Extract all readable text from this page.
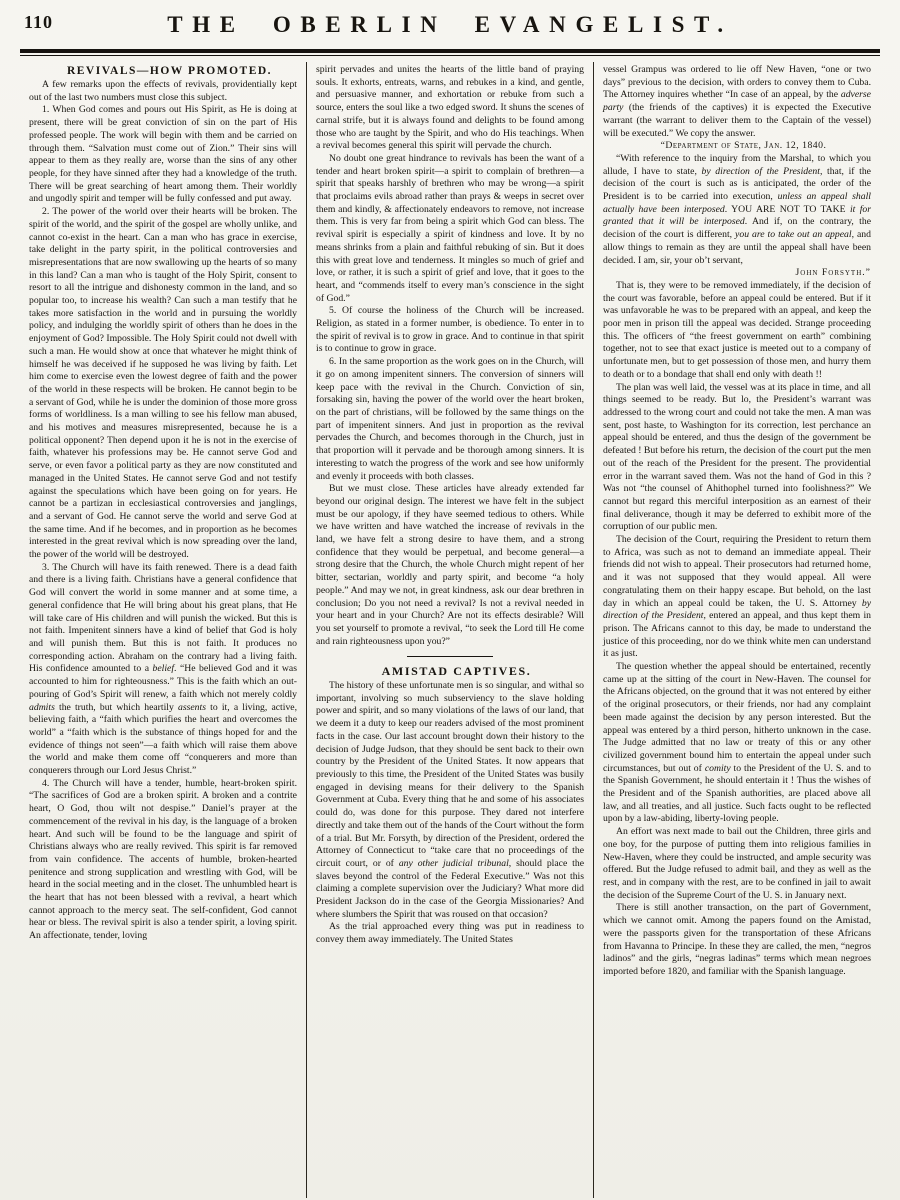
110	THE OBERLIN EVANGELIST.

REVIVALS—HOW PROMOTED.

A few remarks upon the effects of revivals, providentially kept out of the last two numbers must close this subject.

1. When God comes and pours out His Spirit, as He is doing at present, there will be great conviction of sin on the part of His professed people. The work will begin with them and be carried on through them. “Salvation must come out of Zion.” Their sins will appear to them as they really are, worse than the sins of any other people, for they have sinned after they had a knowledge of the truth. There will be great searching of heart among them. Their worldly and ungodly spirit and temper will be fully confessed and put away.

2. The power of the world over their hearts will be broken. The spirit of the world, and the spirit of the gospel are wholly unlike, and cannot co-exist in the heart. Can a man who has grace in exercise, take delight in the party spirit, in the political controversies and misrepresentations that are now swallowing up the hearts of so many in this land? Can a man who is taught of the Holy Spirit, consent to resort to all the intrigue and dishonesty common in the land, and so popular too, to increase his wealth? Can such a man testify that he takes more satisfaction in the world and in pursuing the worldly policy, and indulging the worldly spirit of others than he does in the enjoyment of God? Impossible. The Holy Spirit could not dwell with such a man. He would show at once that whatever he might think of himself he was deceived if he supposed he was living by faith. Let him come to exercise even the lowest degree of faith and the power of the world in these respects will be broken. He cannot begin to be a servant of God, while he is under the dominion of those more gross forms of worldliness. Is a man willing to see his fellow man abused, and his motives and measures misrepresented, because he is a political opponent? Then depend upon it he is not in the exercise of faith, whatever his professions may be. He cannot serve God and serve, or even favor a political party as they are now constituted and managed in the United States. He cannot serve God and not testify against the speculations which have been going on for years. He cannot be a partizan in ecclesiastical controversies and janglings, and a servant of God. He cannot serve the world and serve God at the same time. And if he becomes, and in proportion as he becomes interested in the great revival which is now spreading over the land, the power of the world will be destroyed.

3. The Church will have its faith renewed. There is a dead faith and there is a living faith. Christians have a general confidence that God will convert the world in some manner and at some time, a general confidence that He will bring about his great plans, that He will take care of His children and will punish the wicked. But this is not faith. Impenitent sinners have a kind of belief that God is holy and will punish them. But this is not faith. It produces no corresponding action. Abraham on the contrary had a living faith. His confidence amounted to a belief. “He believed God and it was accounted to him for righteousness.” This is the faith which an out-pouring of God’s Spirit will renew, a faith which not merely coldly admits the truth, but which heartily assents to it, a living, active, believing faith, a “faith which purifies the heart and overcomes the world” a “faith which is the substance of things hoped for and the evidence of things not seen”—a faith which will raise them above the world and make them come off “conquerers and more than conquerers through our Lord Jesus Christ.”

4. The Church will have a tender, humble, heart-broken spirit. “The sacrifices of God are a broken spirit. A broken and a contrite heart, O God, thou wilt not despise.” Daniel’s prayer at the commencement of the revival in his day, is the language of a broken heart. And such will be found to be the language and spirit of Christians always who are really revived. This spirit is far removed from vain confidence. The accents of humble, broken-hearted penitence and strong supplication and wrestling with God, will be heard in the social meeting and in the closet. The unhumbled heart is the heart that has not been blessed with a revival, a heart which cannot approach to the mercy seat. The self-confident, God cannot hear or bless. The revival spirit is also a tender spirit, a loving spirit. An affectionate, tender, loving

spirit pervades and unites the hearts of the little band of praying souls. It exhorts, entreats, warns, and rebukes in a kind, and gentle, and persuasive manner, and exhortation or rebuke from such a source, enters the soul like a two edged sword. It shuns the scenes of carnal strife, but it is always found and delights to be found among those who are taught by the Spirit, and who do His teachings. When a revival becomes general this spirit will pervade the church.

No doubt one great hindrance to revivals has been the want of a tender and heart broken spirit—a spirit to complain of brethren—a spirit that speaks harshly of brethren who may be wrong—a spirit that proclaims evils abroad rather than prays & weeps in secret over them and kindly, & affectionately endeavors to remove, not increase them. This is very far from being a spirit which God can bless. The revival spirit is especially a spirit of kindness and love. It by no means shrinks from a plain and faithful rebuking of sin. But it does this with great love and tenderness. It mingles so much of grief and love, or rather, it is such a spirit of grief and love, that it goes to the heart, and “commends itself to every man’s conscience in the sight of God.”

5. Of course the holiness of the Church will be increased. Religion, as stated in a former number, is obedience. To enter in to the spirit of revival is to grow in grace. And to continue in that spirit is to continue to grow in grace.

6. In the same proportion as the work goes on in the Church, will it go on among impenitent sinners. The conversion of sinners will keep pace with the revival in the Church. Conviction of sin, forsaking sin, having the power of the world over the heart broken, on the part of christians, will be followed by the same things on the part of impenitent sinners. And just in proportion as the revival pervades the Church, and becomes thorough in the Church, just in that proportion will it pervade and be thorough among sinners. It is interesting to watch the progress of the work and see how uniformly and evenly it proceeds with both classes.

But we must close. These articles have already extended far beyond our original design. The interest we have felt in the subject must be our apology, if they have seemed tedious to others. While we have written and have watched the increase of revivals in the land, we have felt a strong desire to have them, and a strong confidence that they would be perpetual, and become general—a strong desire that the Church, the whole Church might repent of her bitter, sectarian, worldly and party spirit, and become “a holy people.” And may we not, in great kindness, ask our dear brethren in conclusion; Do you not need a revival? Is not a revival needed in your heart and in your Church? Are not its effects desirable? Will you set yourself to promote a revival, “to seek the Lord till He come and rain righteousness upon you?”

AMISTAD CAPTIVES.

The history of these unfortunate men is so singular, and withal so important, involving so much subserviency to the slave holding power and spirit, and so many violations of the laws of our land, that we deem it a duty to keep our readers advised of the most prominent facts in the case. Our last account brought down their history to the decision of Judge Judson, that they should be sent back to their own country by the President of the United States. It now appears that previously to this time, the President of the United States was busily engaged in devising means for their delivery to the Spanish Government at Cuba. Every thing that he and some of his associates could do, was done for this purpose. They dared not interfere directly and take them out of the hands of the Court without the form of a trial. But Mr. Forsyth, by direction of the President, ordered the Attorney of Connecticut to “take care that no proceedings of the circuit court, or of any other judicial tribunal, should place the slaves beyond the control of the Federal Executive.” Was not this claiming a complete supervision over the Judiciary? What more did President Jackson do in the case of the Georgia Missionaries? And where slumbers the Spirit that was roused on that occasion?

As the trial approached every thing was put in readiness to convey them away immediately. The United States

vessel Grampus was ordered to lie off New Haven, “one or two days” previous to the decision, with orders to convey them to Cuba. The Attorney inquires whether “In case of an appeal, by the adverse party (the friends of the captives) it is expected the Executive warrant (the warrant to deliver them to the Captain of the vessel) will be executed.” We copy the answer.

“Department of State, Jan. 12, 1840.

“With reference to the inquiry from the Marshal, to which you allude, I have to state, by direction of the President, that, if the decision of the court is such as is anticipated, the order of the President is to be carried into execution, unless an appeal shall actually have been interposed. YOU ARE NOT TO TAKE it for granted that it will be interposed. And if, on the contrary, the decision of the court is different, you are to take out an appeal, and allow things to remain as they are until the appeal shall have been decided. I am, sir, your ob’t servant,

John Forsyth.”

That is, they were to be removed immediately, if the decision of the court was favorable, before an appeal could be entered. But if it was unfavorable he was to be prepared with an appeal, and keep the poor men in prison till the appeal was decided. Strange proceeding this. The officers of “the freest government on earth” combining together, not to see that exact justice is meeted out to a company of unfortunate men, but to get possession of those men, and hurry them to death or to a bondage that shall end only with death !!

The plan was well laid, the vessel was at its place in time, and all things seemed to be ready. But lo, the President’s warrant was addressed to the wrong court and could not take the men. A man was sent, post haste, to Washington for its correction, lest perchance an appeal should be entered, and thus the design of the government be defeated ! But before his return, the decision of the court put the men out of the reach of the President for the present. The providential error in the warrant saved them. Was not the hand of God in this ? Was not “the counsel of Ahithophel turned into foolishness?” We cannot but regard this merciful interposition as an earnest of their final deliverance, though it may be deferred to exhibit more of the corruption of our public men.

The decision of the Court, requiring the President to return them to Africa, was such as not to demand an immediate appeal. Their friends did not wish to appeal. Their prosecutors had returned home, and it was not supposed that they would appeal. All were congratulating them on their happy escape. But behold, on the last day in which an appeal could be taken, the U. S. Attorney by direction of the President, entered an appeal, and thus kept them in prison. The Africans cannot to this day, be made to understand the justice of this proceeding, nor do we think white men can understand it as just.

The question whether the appeal should be entertained, recently came up at the sitting of the court in New-Haven. The counsel for the Africans objected, on the ground that it was not entered by either of the original prosecutors, or their friends, nor had any complaint been made against the decision by any person interested. But the appeal was entered by a third person, hitherto unknown in the case. The Judge admitted that no law or treaty of this or any other civilized government bound him to entertain the appeal under such circumstances, but out of comity to the President of the U. S. and to the Spanish Government, he should entertain it ! Thus the wishes of the President and of the Spanish authorities, are placed above all law, and all treaties, and all justice. Such facts ought to be reflected upon by a law-abiding, liberty-loving people.

An effort was next made to bail out the Children, three girls and one boy, for the purpose of putting them into religious families in New-Haven, where they could be instructed, and ample security was offered. But the Judge refused to admit bail, and they as well as the rest, and in company with the rest, are to be confined in jail to await the decision of the Supreme Court of the U. S. in January next.

There is still another transaction, on the part of Government, which we cannot omit. Among the papers found on the Amistad, were the passports given for the transportation of these Africans from Havanna to Principe. In these they are called, the men, “negros ladinos” and the girls, “negras ladinas” terms which mean negroes imported before 1820, and familiar with the Spanish language.
